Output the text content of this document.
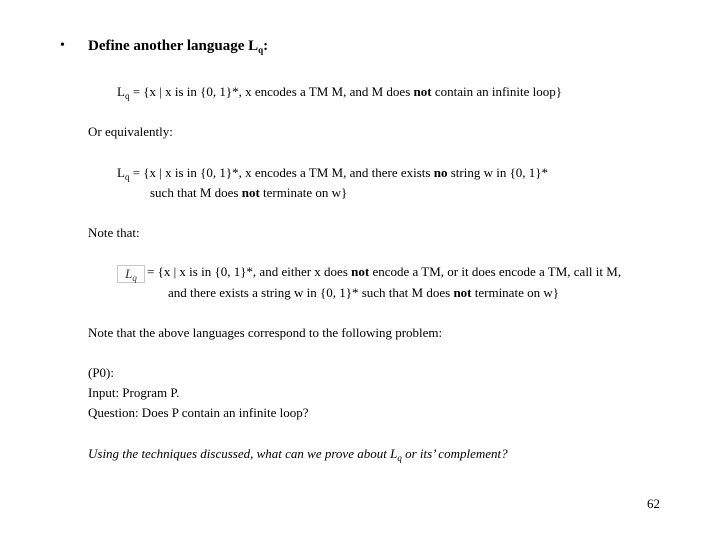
• Define another language $L_q$:
$L_q = \{x$ | x is in {0, 1}*, x encodes a TM M, and M does not contain an infinite loop}
Or equivalently:
$L_q = \{x$ | x is in {0, 1}*, x encodes a TM M, and there exists no string w in {0, 1}*
such that M does not terminate on w}
Note that:
$L_q = \{x$ | x is in {0, 1}*, and either x does not encode a TM, or it does encode a TM, call it M,
and there exists a string w in {0, 1}* such that M does not terminate on w}
Note that the above languages correspond to the following problem:
(P0):
Input: Program P.
Question: Does P contain an infinite loop?
Using the techniques discussed, what can we prove about $L_q$ or its’ complement?
62
